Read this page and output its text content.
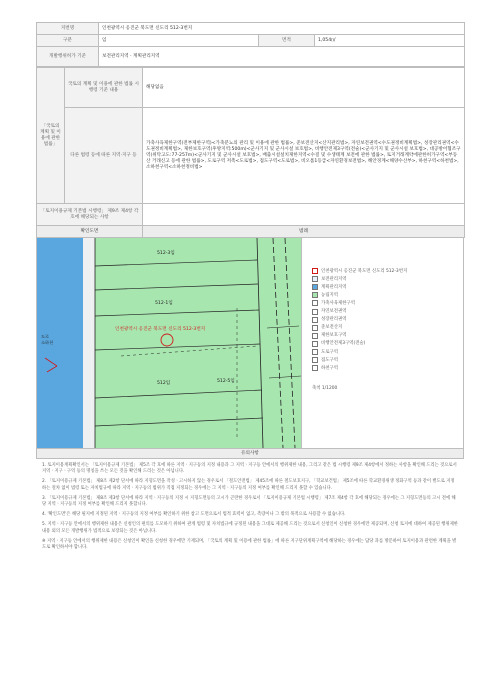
지번명	인천광역시 옹진군 북도면 신도리 512-3번지		
구분	임	면적	1,054㎡
개발행위허가 기준	보전관리지역 · 계획관리지역		
「국토의 계획 및 이용에 관한 법률」	국토의 계획 및 이용에 관한 법률 시행령 기준 내용	해당없음
	다른 법령 등에 따른 지역·지구 등	가축사육제한구역(전부제한구역)<가축분뇨의 관리 및 이용에 관한 법률>, 준보전산지<산지관리법>, 자연보전권역<수도권정비계획법>, 성장관리권역<수도권정비계획법>, 제한보호구역(후방지역:500m)<군사기지 및 군사시설 보호법>, 비행안전제3구역(전술)<군사기지 및 군사시설 보호법>, 대공방어협조구역(위탁고도:77-257m)<군사기지 및 군사시설 보호법>, 배출시설설치제한지역<수질 및 수생태계 보전에 관한 법률>, 토지거래계약에관한허가구역<부동산 거래신고 등에 관한 법률>, 도로구역 저촉<도로법>, 접도구역<도로법>, 비오톱1등급<자연환경보전법>, 해안경계<해양수산부>, 하천구역<하천법>, 소하천구역<소하천정비법>
「토지이용규제 기본법 시행령」 제9조 제4항 각 호에 해당되는 사항		
확인도면		범례
512-3임
512-1임
512-5임
512임
인천광역시 옹진군 북도면 신도리 512-3번지
도로
소하천
인천광역시 옹진군 북도면 신도리 512-3번지
보전관리지역
계획관리지역
농림지역
가축사육제한구역
자연보전권역
성장관리권역
준보전산지
제한보호구역
비행안전제3구역(전술)
도로구역
접도구역
하천구역
축척 1/1200
유의사항

1. 토지이용계획확인서는 「토지이용규제 기본법」 제5조 각 호에 따른 지역ㆍ지구등의 지정 내용과 그 지역ㆍ지구등 안에서의 행위제한 내용, 그리고 같은 법 시행령 제9조 제4항에서 정하는 사항을 확인해 드리는 것으로서 지역ㆍ지구ㆍ구역 등의 명칭을 쓰는 모든 것을 확인해 드리는 것은 아닙니다.

2. 「토지이용규제 기본법」 제8조 제2항 단서에 따라 지형도면을 작성ㆍ고시하지 않는 경우로서 「철도안전법」 제45조에 따른 철도보호지구, 「학교보건법」 제5조에 따른 학교환경위생 정화구역 등과 같이 별도로 지정하는 절차 없이 법령 또는 자치법규에 따라 지역ㆍ지구등의 범위가 직접 지정되는 경우에는 그 지역ㆍ지구등의 지정 여부를 확인해 드리지 못할 수 있습니다.

3. 「토지이용규제 기본법」 제8조 제3항 단서에 따라 지역ㆍ지구등의 지정 시 지형도면등의 고시가 곤란한 경우로서 「토지이용규제 기본법 시행령」 제7조 제4항 각 호에 해당되는 경우에는 그 지형도면등의 고시 전에 해당 지역ㆍ지구등의 지정 여부를 확인해 드리지 못합니다.

4. '확인도면'은 해당 필지에 지정된 지역ㆍ지구등의 지정 여부를 확인하기 위한 참고 도면으로서 법적 효력이 없고, 측량이나 그 밖의 목적으로 사용할 수 없습니다.

5. 지역ㆍ지구등 안에서의 행위제한 내용은 신청인의 편의를 도모하기 위하여 관계 법령 및 자치법규에 규정된 내용을 그대로 제공해 드리는 것으로서 신청인이 신청한 경우에만 제공되며, 신청 토지에 대하여 제공된 행위제한 내용 외의 모든 개발행위가 법적으로 보장되는 것은 아닙니다.

※ 지역ㆍ지구등 안에서의 행위제한 내용은 신청인이 확인을 신청한 경우에만 기재되며, 「국토의 계획 및 이용에 관한 법률」에 따른 지구단위계획구역에 해당하는 경우에는 담당 과를 방문하여 토지이용과 관련한 계획을 별도로 확인하셔야 합니다.
